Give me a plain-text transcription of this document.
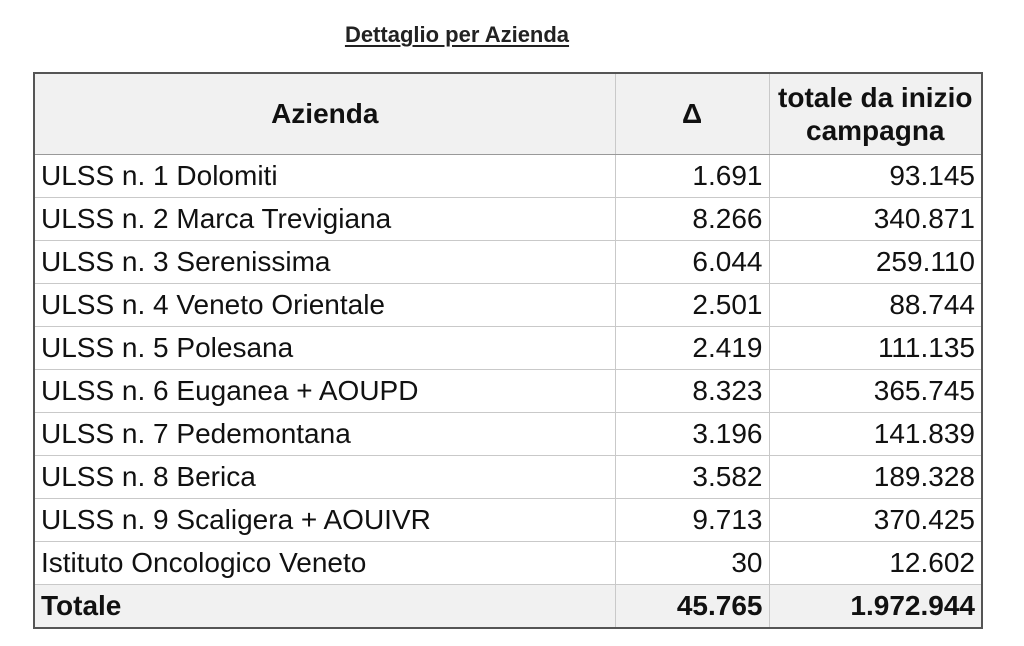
Dettaglio per Azienda
Azienda	Δ	totale da inizio campagna
ULSS n. 1 Dolomiti	1.691	93.145
ULSS n. 2 Marca Trevigiana	8.266	340.871
ULSS n. 3 Serenissima	6.044	259.110
ULSS n. 4 Veneto Orientale	2.501	88.744
ULSS n. 5 Polesana	2.419	111.135
ULSS n. 6 Euganea + AOUPD	8.323	365.745
ULSS n. 7 Pedemontana	3.196	141.839
ULSS n. 8 Berica	3.582	189.328
ULSS n. 9 Scaligera + AOUIVR	9.713	370.425
Istituto Oncologico Veneto	30	12.602
Totale	45.765	1.972.944
